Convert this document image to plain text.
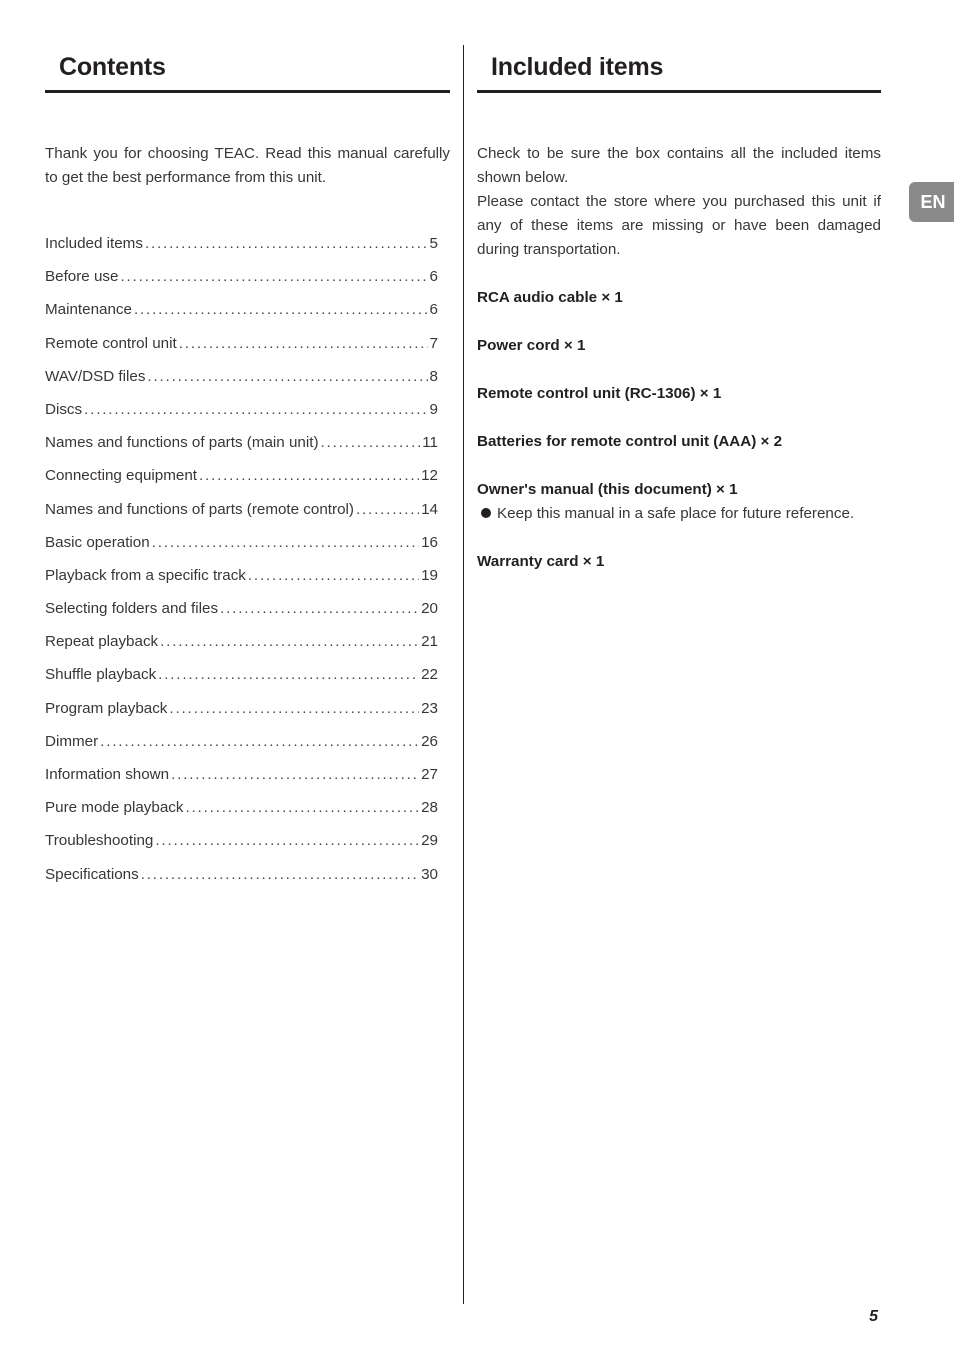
Contents

Thank you for choosing TEAC. Read this manual carefully to get the best performance from this unit.

Included items . . .	5
Before use . . .	6
Maintenance . . .	6
Remote control unit . . .	7
WAV/DSD files . . .	8
Discs . . .	9
Names and functions of parts (main unit) . . .	11
Connecting equipment . . .	12
Names and functions of parts (remote control) . . .	14
Basic operation . . .	16
Playback from a specific track . . .	19
Selecting folders and files . . .	20
Repeat playback . . .	21
Shuffle playback . . .	22
Program playback . . .	23
Dimmer . . .	26
Information shown . . .	27
Pure mode playback . . .	28
Troubleshooting . . .	29
Specifications . . .	30
Included items

Check to be sure the box contains all the included items shown below.

Please contact the store where you purchased this unit if any of these items are missing or have been damaged during transportation.

RCA audio cable × 1
Power cord × 1
Remote control unit (RC-1306) × 1
Batteries for remote control unit (AAA) × 2
Owner's manual (this document) × 1
Keep this manual in a safe place for future reference.
Warranty card × 1
EN
5
